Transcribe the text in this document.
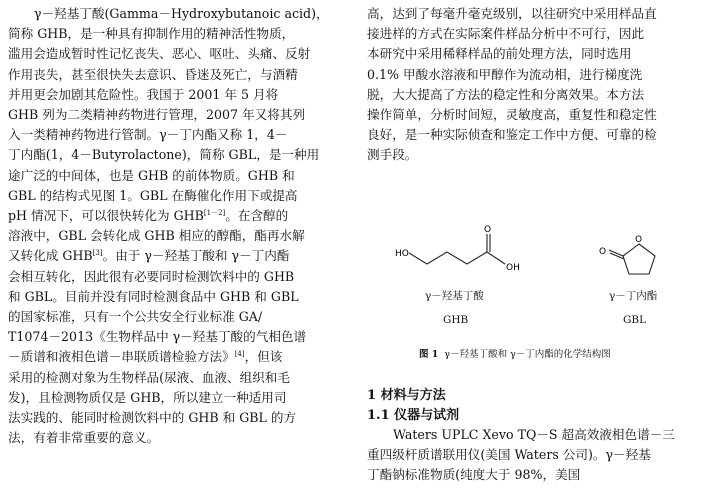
γ－羟基丁酸(Gamma－Hydroxybutanoic acid)，
简称 GHB，是一种具有抑制作用的精神活性物质，
滥用会造成暂时性记忆丧失、恶心、呕吐、头痛、反射
作用丧失，甚至很快失去意识、昏迷及死亡，与酒精
并用更会加剧其危险性。我国于 2001 年 5 月将
GHB 列为二类精神药物进行管理，2007 年又将其列
入一类精神药物进行管制。γ－丁内酯又称 1，4－
丁内酯(1，4－Butyrolactone)，简称 GBL，是一种用
途广泛的中间体，也是 GHB 的前体物质。GHB 和
GBL 的结构式见图 1。GBL 在酶催化作用下或提高
pH 情况下，可以很快转化为 GHB[1－2]。在含醇的
溶液中，GBL 会转化成 GHB 相应的醇酯，酯再水解
又转化成 GHB[3]。由于 γ－羟基丁酸和 γ－丁内酯
会相互转化，因此很有必要同时检测饮料中的 GHB
和 GBL。目前并没有同时检测食品中 GHB 和 GBL
的国家标准，只有一个公共安全行业标准 GA/
T1074－2013《生物样品中 γ－羟基丁酸的气相色谱
－质谱和液相色谱－串联质谱检验方法》[4]，但该
采用的检测对象为生物样品(尿液、血液、组织和毛
发)，且检测物质仅是 GHB，所以建立一种适用司
法实践的、能同时检测饮料中的 GHB 和 GBL 的方
法，有着非常重要的意义。

高，达到了每毫升毫克级别，以往研究中采用样品直
接进样的方式在实际案件样品分析中不可行，因此
本研究中采用稀释样品的前处理方法，同时选用
0.1% 甲酸水溶液和甲醇作为流动相，进行梯度洗
脱，大大提高了方法的稳定性和分离效果。本方法
操作简单，分析时间短，灵敏度高，重复性和稳定性
良好，是一种实际侦查和鉴定工作中方便、可靠的检
测手段。

HO
O
OH
O
O
γ－羟基丁酸
GHB
γ－丁内酯
GBL
图 1 γ－羟基丁酸和 γ－丁内酯的化学结构图
1 材料与方法
1.1 仪器与试剂

Waters UPLC Xevo TQ－S 超高效液相色谱－三
重四级杆质谱联用仪(美国 Waters 公司)。γ－羟基
丁酯钠标准物质(纯度大于 98%，美国
